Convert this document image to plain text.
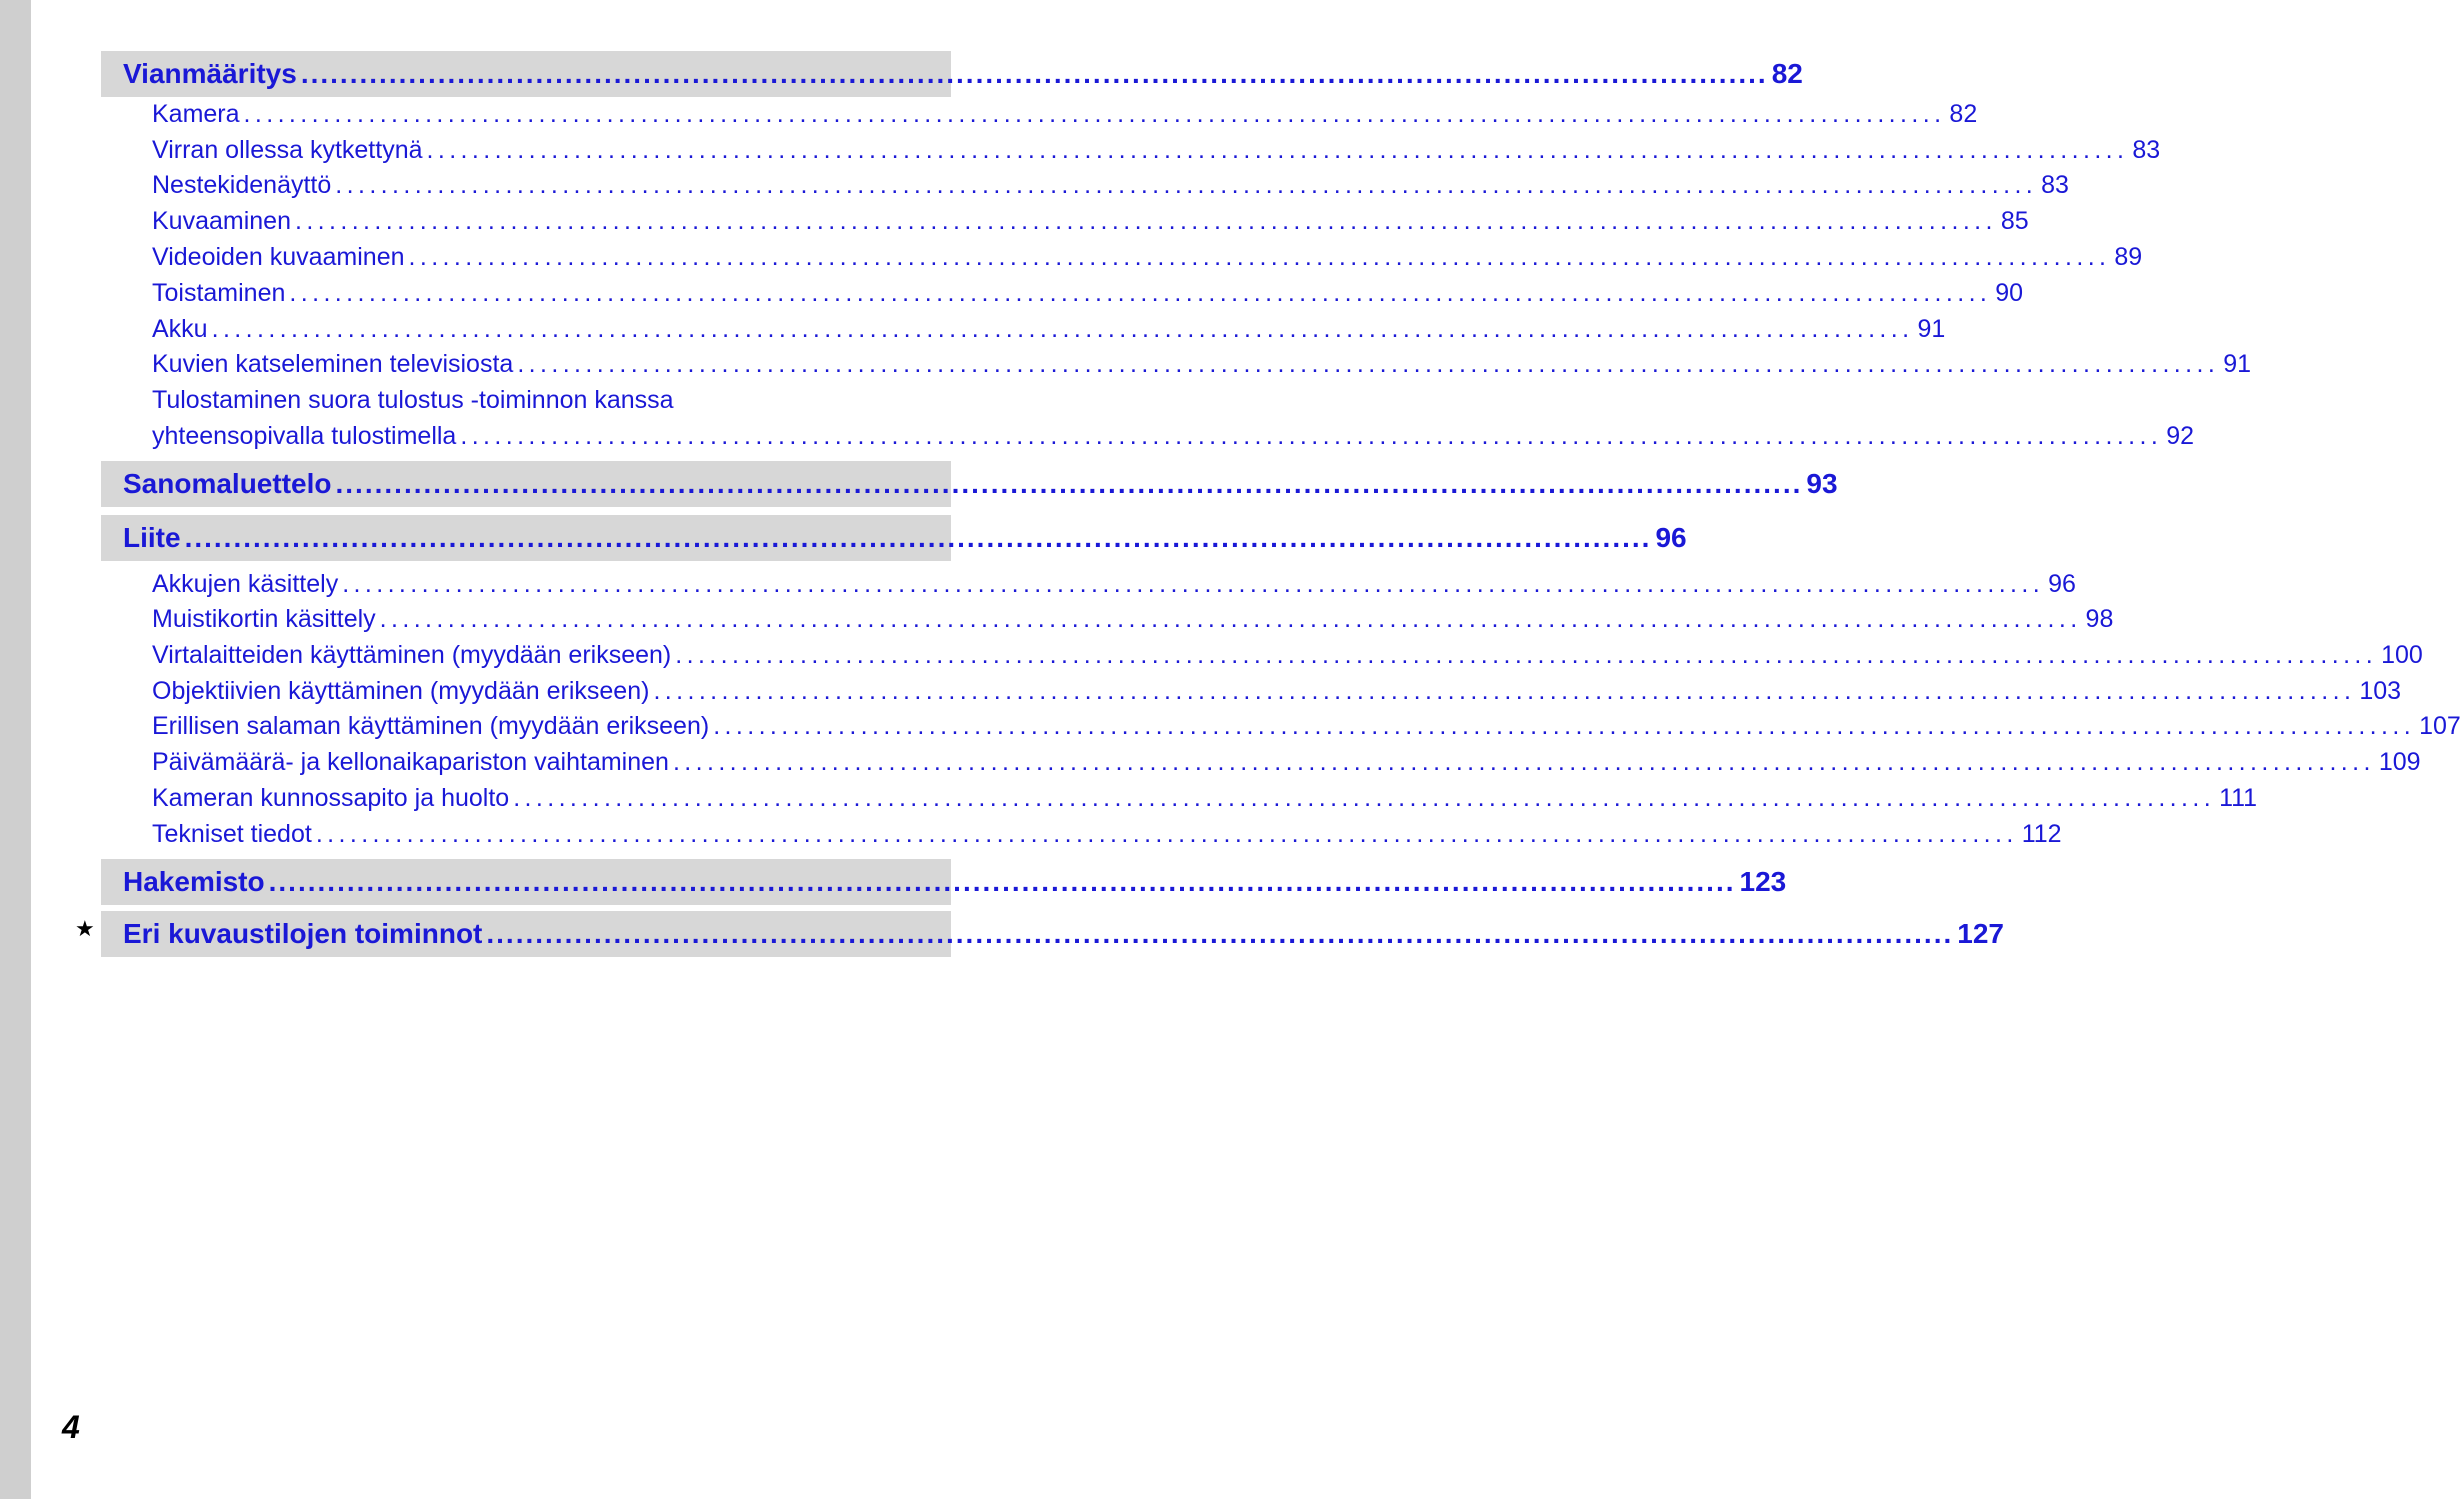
Vianmääritys ...................................................................................................................................................... 82
Kamera ...................................................................................................................................................... 82
Virran ollessa kytkettynä ...................................................................................................................................................... 83
Nestekidenäyttö ...................................................................................................................................................... 83
Kuvaaminen ...................................................................................................................................................... 85
Videoiden kuvaaminen ...................................................................................................................................................... 89
Toistaminen ...................................................................................................................................................... 90
Akku ...................................................................................................................................................... 91
Kuvien katseleminen televisiosta ...................................................................................................................................................... 91
Tulostaminen suora tulostus -toiminnon kanssa
yhteensopivalla tulostimella ...................................................................................................................................................... 92
Sanomaluettelo ...................................................................................................................................................... 93
Liite ...................................................................................................................................................... 96
Akkujen käsittely ...................................................................................................................................................... 96
Muistikortin käsittely ...................................................................................................................................................... 98
Virtalaitteiden käyttäminen (myydään erikseen) ...................................................................................................................................................... 100
Objektiivien käyttäminen (myydään erikseen) ...................................................................................................................................................... 103
Erillisen salaman käyttäminen (myydään erikseen) ...................................................................................................................................................... 107
Päivämäärä- ja kellonaikapariston vaihtaminen ...................................................................................................................................................... 109
Kameran kunnossapito ja huolto ...................................................................................................................................................... 111
Tekniset tiedot ...................................................................................................................................................... 112
Hakemisto ...................................................................................................................................................... 123
★ Eri kuvaustilojen toiminnot ...................................................................................................................................................... 127
4
